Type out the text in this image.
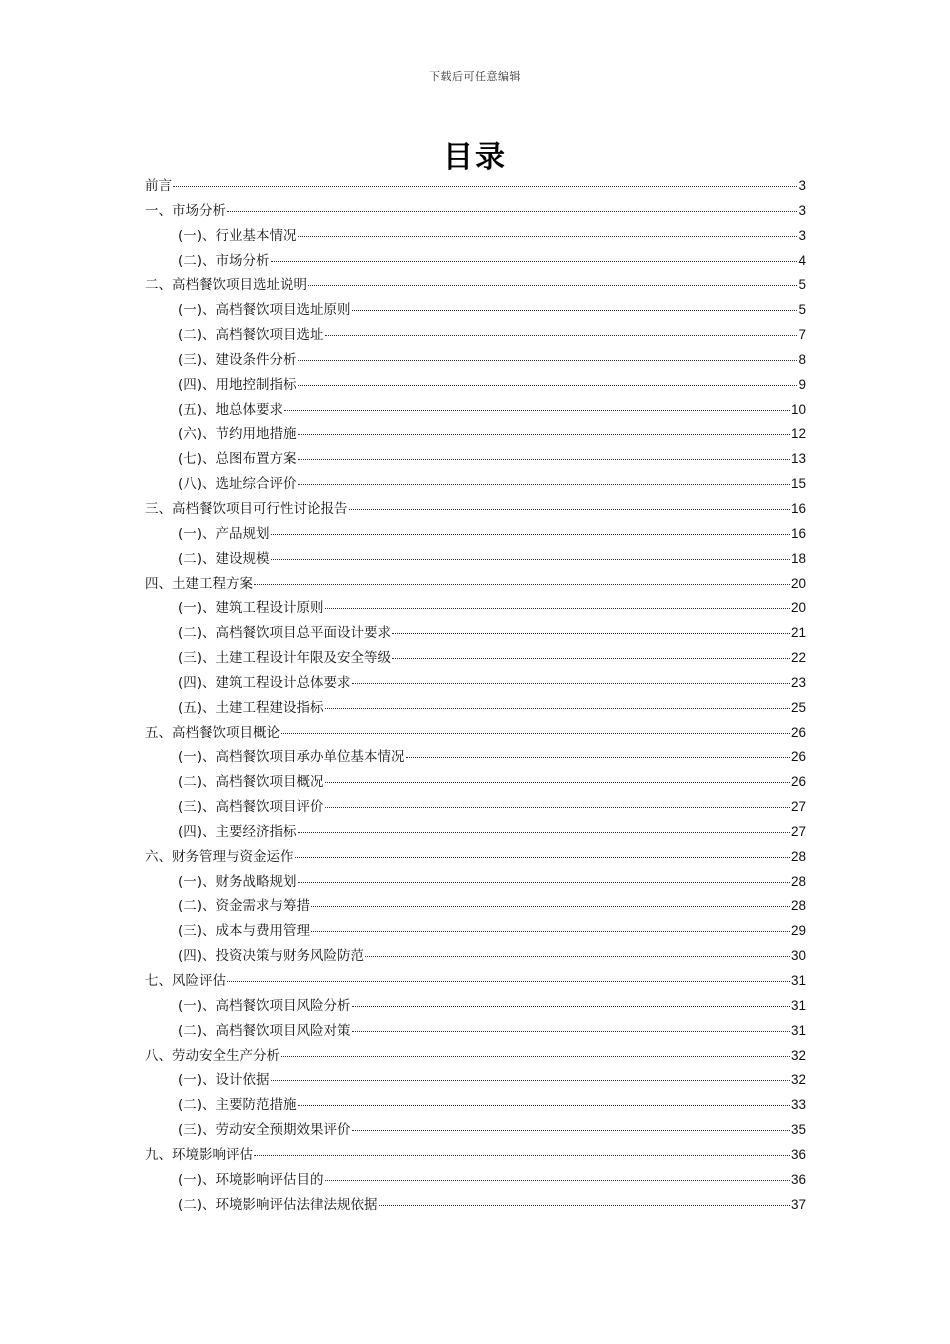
下载后可任意编辑
目录
前言	3
一、市场分析	3
(一)、行业基本情况	3
(二)、市场分析	4
二、高档餐饮项目选址说明	5
(一)、高档餐饮项目选址原则	5
(二)、高档餐饮项目选址	7
(三)、建设条件分析	8
(四)、用地控制指标	9
(五)、地总体要求	10
(六)、节约用地措施	12
(七)、总图布置方案	13
(八)、选址综合评价	15
三、高档餐饮项目可行性讨论报告	16
(一)、产品规划	16
(二)、建设规模	18
四、土建工程方案	20
(一)、建筑工程设计原则	20
(二)、高档餐饮项目总平面设计要求	21
(三)、土建工程设计年限及安全等级	22
(四)、建筑工程设计总体要求	23
(五)、土建工程建设指标	25
五、高档餐饮项目概论	26
(一)、高档餐饮项目承办单位基本情况	26
(二)、高档餐饮项目概况	26
(三)、高档餐饮项目评价	27
(四)、主要经济指标	27
六、财务管理与资金运作	28
(一)、财务战略规划	28
(二)、资金需求与筹措	28
(三)、成本与费用管理	29
(四)、投资决策与财务风险防范	30
七、风险评估	31
(一)、高档餐饮项目风险分析	31
(二)、高档餐饮项目风险对策	31
八、劳动安全生产分析	32
(一)、设计依据	32
(二)、主要防范措施	33
(三)、劳动安全预期效果评价	35
九、环境影响评估	36
(一)、环境影响评估目的	36
(二)、环境影响评估法律法规依据	37
